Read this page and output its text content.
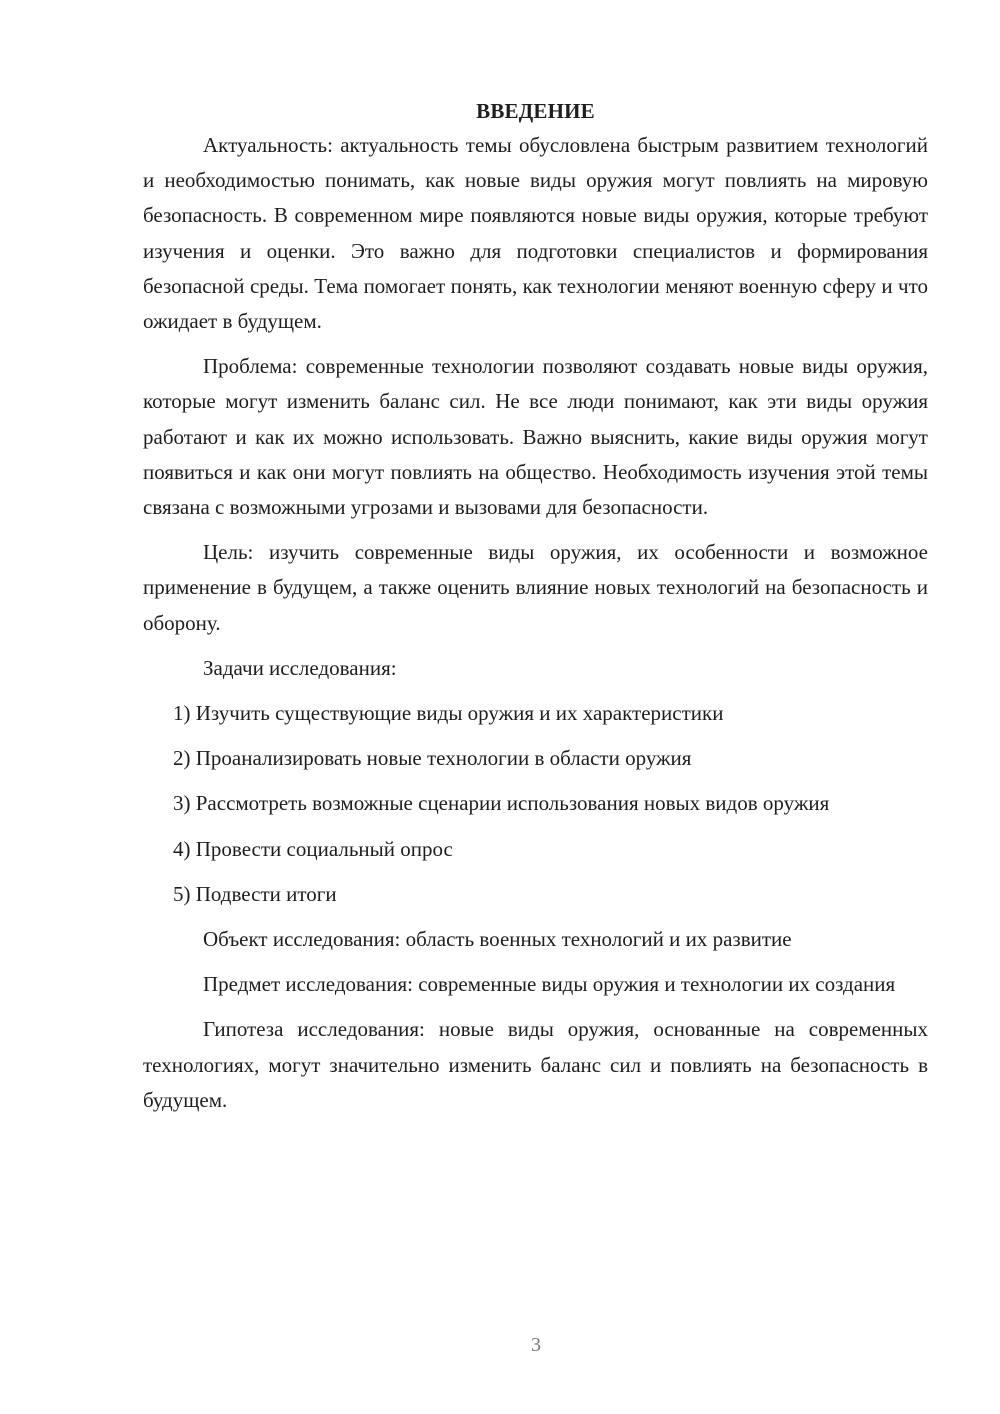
ВВЕДЕНИЕ

Актуальность: актуальность темы обусловлена быстрым развитием технологий и необходимостью понимать, как новые виды оружия могут повлиять на мировую безопасность. В современном мире появляются новые виды оружия, которые требуют изучения и оценки. Это важно для подготовки специалистов и формирования безопасной среды. Тема помогает понять, как технологии меняют военную сферу и что ожидает в будущем.

Проблема: современные технологии позволяют создавать новые виды оружия, которые могут изменить баланс сил. Не все люди понимают, как эти виды оружия работают и как их можно использовать. Важно выяснить, какие виды оружия могут появиться и как они могут повлиять на общество. Необходимость изучения этой темы связана с возможными угрозами и вызовами для безопасности.

Цель: изучить современные виды оружия, их особенности и возможное применение в будущем, а также оценить влияние новых технологий на безопасность и оборону.

Задачи исследования:

1) Изучить существующие виды оружия и их характеристики

2) Проанализировать новые технологии в области оружия

3) Рассмотреть возможные сценарии использования новых видов оружия

4) Провести социальный опрос

5) Подвести итоги

Объект исследования: область военных технологий и их развитие

Предмет исследования: современные виды оружия и технологии их создания

Гипотеза исследования: новые виды оружия, основанные на современных технологиях, могут значительно изменить баланс сил и повлиять на безопасность в будущем.

3
